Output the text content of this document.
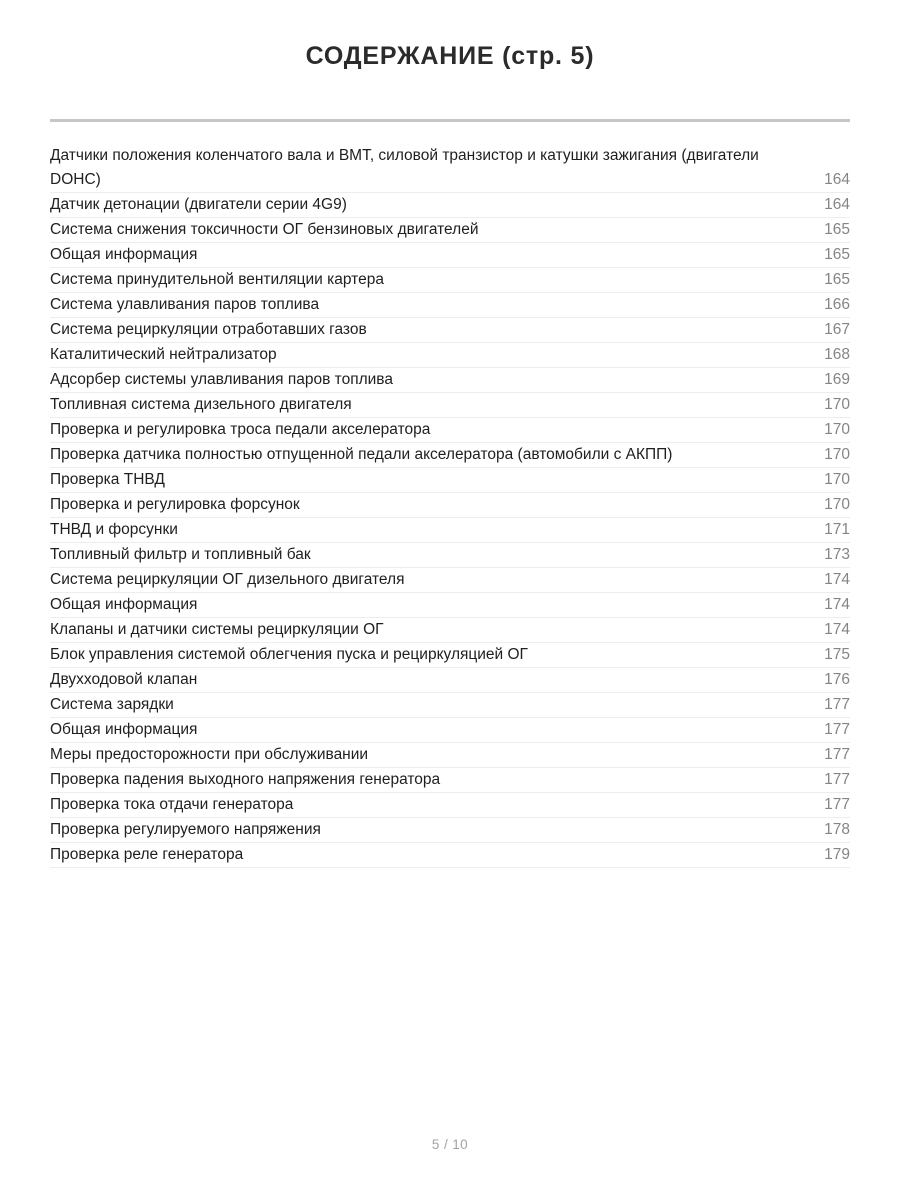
СОДЕРЖАНИЕ (стр. 5)
Датчики положения коленчатого вала и ВМТ, силовой транзистор и катушки зажигания (двигатели DOHC)	164
Датчик детонации (двигатели серии 4G9)	164
Система снижения токсичности ОГ бензиновых двигателей	165
Общая информация	165
Система принудительной вентиляции картера	165
Система улавливания паров топлива	166
Система рециркуляции отработавших газов	167
Каталитический нейтрализатор	168
Адсорбер системы улавливания паров топлива	169
Топливная система дизельного двигателя	170
Проверка и регулировка троса педали акселератора	170
Проверка датчика полностью отпущенной педали акселератора (автомобили с АКПП)	170
Проверка ТНВД	170
Проверка и регулировка форсунок	170
ТНВД и форсунки	171
Топливный фильтр и топливный бак	173
Система рециркуляции ОГ дизельного двигателя	174
Общая информация	174
Клапаны и датчики системы рециркуляции ОГ	174
Блок управления системой облегчения пуска и рециркуляцией ОГ	175
Двухходовой клапан	176
Система зарядки	177
Общая информация	177
Меры предосторожности при обслуживании	177
Проверка падения выходного напряжения генератора	177
Проверка тока отдачи генератора	177
Проверка регулируемого напряжения	178
Проверка реле генератора	179
5 / 10
